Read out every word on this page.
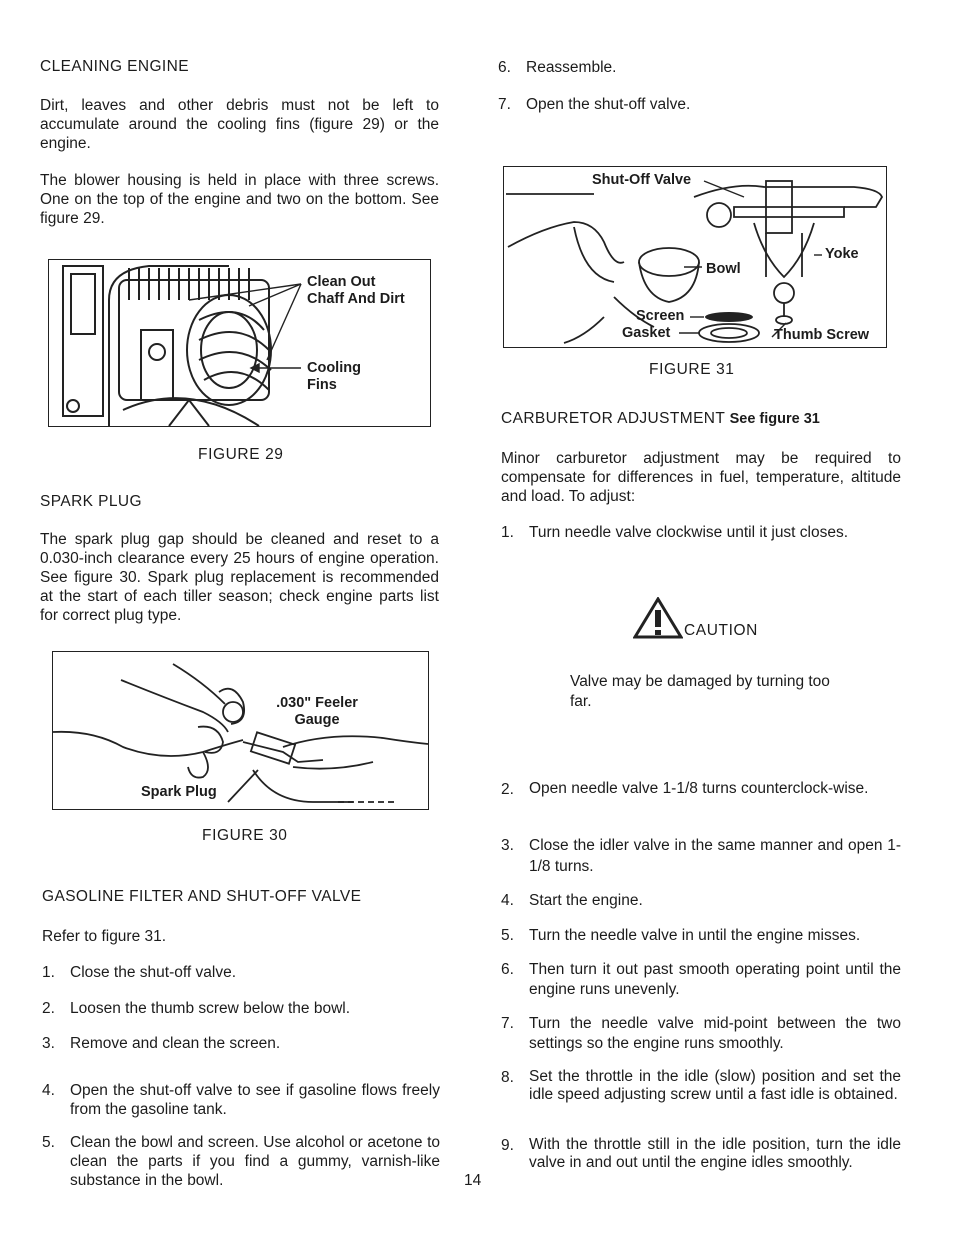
CLEANING ENGINE
Dirt, leaves and other debris must not be left to accumulate around the cooling fins (figure 29) or the engine.
The blower housing is held in place with three screws. One on the top of the engine and two on the bottom. See figure 29.
Clean Out Chaff And Dirt
Cooling Fins
FIGURE 29
SPARK PLUG
The spark plug gap should be cleaned and reset to a 0.030-inch clearance every 25 hours of engine operation. See figure 30. Spark plug replacement is recommended at the start of each tiller season; check engine parts list for correct plug type.
.030" Feeler Gauge
Spark Plug
FIGURE 30
GASOLINE FILTER AND SHUT-OFF VALVE
Refer to figure 31.
1. Close the shut-off valve.
2. Loosen the thumb screw below the bowl.
3. Remove and clean the screen.
4. Open the shut-off valve to see if gasoline flows freely from the gasoline tank.
5. Clean the bowl and screen. Use alcohol or acetone to clean the parts if you find a gummy, varnish-like substance in the bowl.	14
6. Reassemble.
7. Open the shut-off valve.
Shut-Off Valve
Bowl
Yoke
Screen
Gasket	Thumb Screw
FIGURE 31
CARBURETOR ADJUSTMENT See figure 31
Minor carburetor adjustment may be required to compensate for differences in fuel, temperature, altitude and load. To adjust:
1. Turn needle valve clockwise until it just closes.
CAUTION
Valve may be damaged by turning too far.
2. Open needle valve 1-1/8 turns counterclock-wise.
3. Close the idler valve in the same manner and open 1-1/8 turns.
4. Start the engine.
5. Turn the needle valve in until the engine misses.
6. Then turn it out past smooth operating point until the engine runs unevenly.
7. Turn the needle valve mid-point between the two settings so the engine runs smoothly.
8. Set the throttle in the idle (slow) position and set the idle speed adjusting screw until a fast idle is obtained.
9. With the throttle still in the idle position, turn the idle valve in and out until the engine idles smoothly.
